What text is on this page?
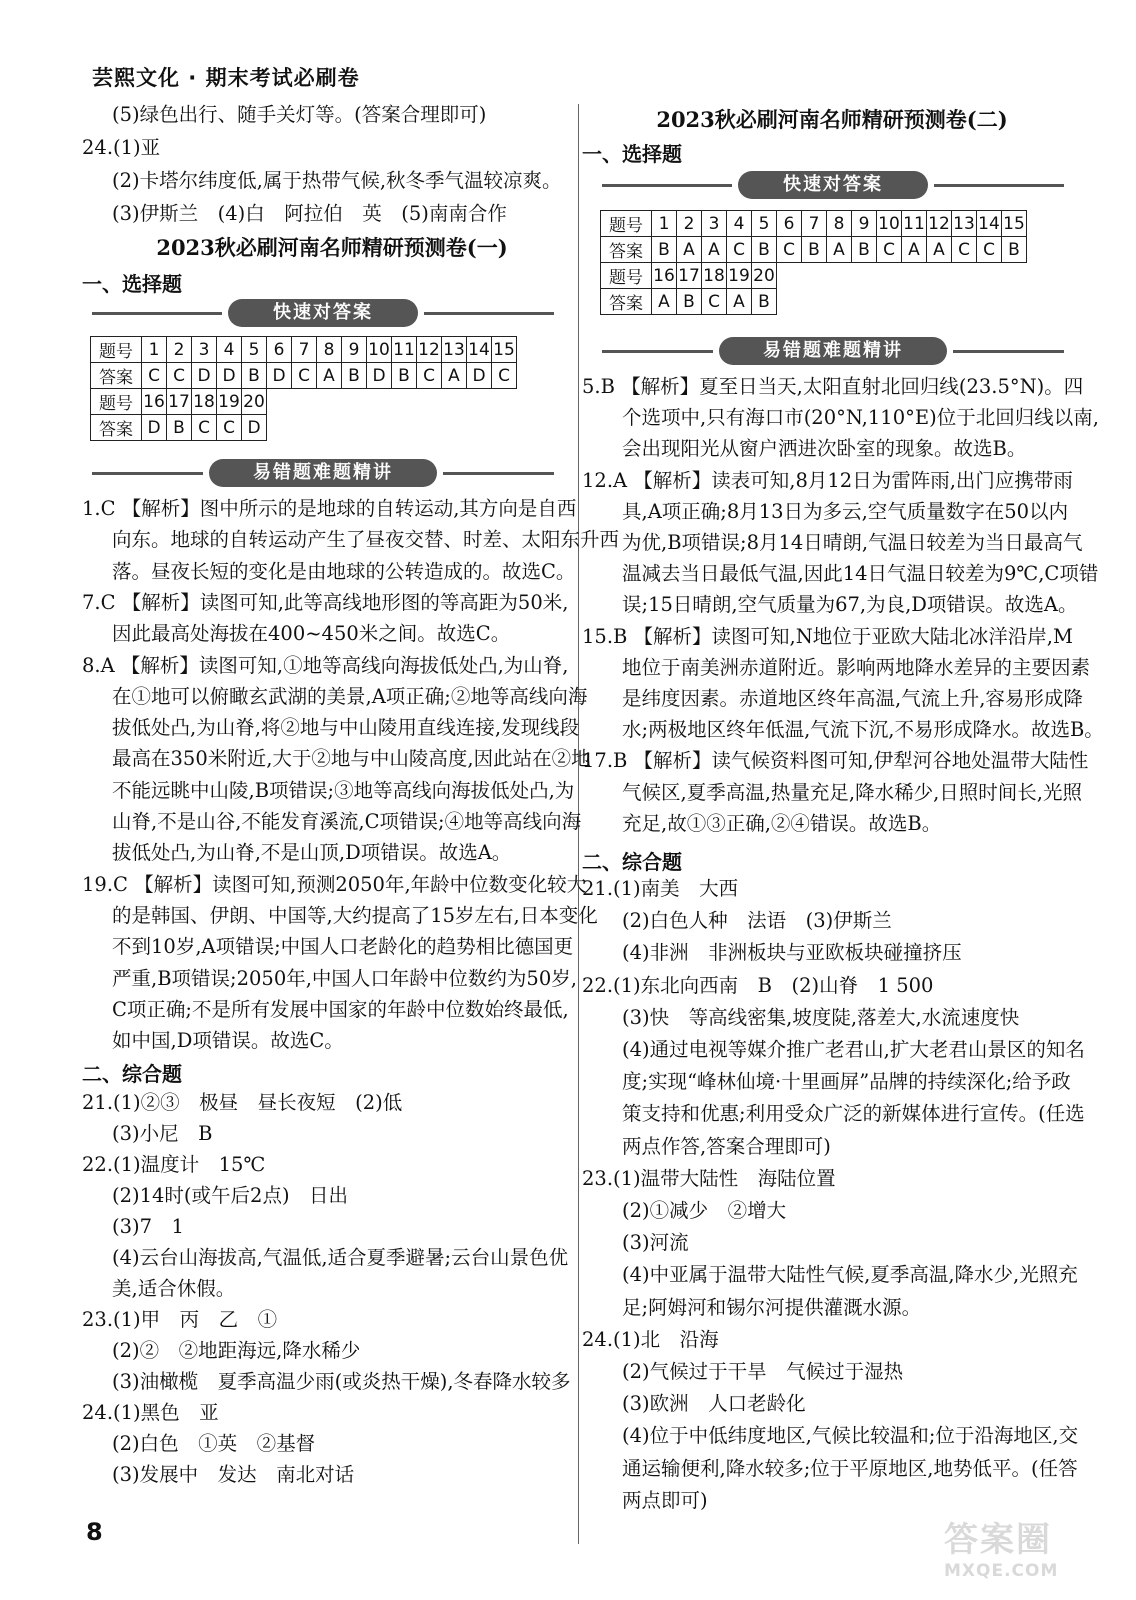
芸熙文化 · 期末考试必刷卷
(5)绿色出行、随手关灯等。(答案合理即可)
24.(1)亚
(2)卡塔尔纬度低,属于热带气候,秋冬季气温较凉爽。
(3)伊斯兰　(4)白　阿拉伯　英　(5)南南合作
2023秋必刷河南名师精研预测卷(一)
一、选择题
快速对答案
题号	1	2	3	4	5	6	7	8	9	10	11	12	13	14	15
答案	C	C	D	D	B	D	C	A	B	D	B	C	A	D	C
题号	16	17	18	19	20										
答案	D	B	C	C	D										
易错题难题精讲
1.C 【解析】图中所示的是地球的自转运动,其方向是自西
向东。地球的自转运动产生了昼夜交替、时差、太阳东升西
落。昼夜长短的变化是由地球的公转造成的。故选C。
7.C 【解析】读图可知,此等高线地形图的等高距为50米,
因此最高处海拔在400~450米之间。故选C。
8.A 【解析】读图可知,①地等高线向海拔低处凸,为山脊,
在①地可以俯瞰玄武湖的美景,A项正确;②地等高线向海
拔低处凸,为山脊,将②地与中山陵用直线连接,发现线段
最高在350米附近,大于②地与中山陵高度,因此站在②地
不能远眺中山陵,B项错误;③地等高线向海拔低处凸,为
山脊,不是山谷,不能发育溪流,C项错误;④地等高线向海
拔低处凸,为山脊,不是山顶,D项错误。故选A。
19.C 【解析】读图可知,预测2050年,年龄中位数变化较大
的是韩国、伊朗、中国等,大约提高了15岁左右,日本变化
不到10岁,A项错误;中国人口老龄化的趋势相比德国更
严重,B项错误;2050年,中国人口年龄中位数约为50岁,
C项正确;不是所有发展中国家的年龄中位数始终最低,
如中国,D项错误。故选C。
二、综合题
21.(1)②③　极昼　昼长夜短　(2)低
(3)小尼　B
22.(1)温度计　15℃
(2)14时(或午后2点)　日出
(3)7　1
(4)云台山海拔高,气温低,适合夏季避暑;云台山景色优
美,适合休假。
23.(1)甲　丙　乙　①
(2)②　②地距海远,降水稀少
(3)油橄榄　夏季高温少雨(或炎热干燥),冬春降水较多
24.(1)黑色　亚
(2)白色　①英　②基督
(3)发展中　发达　南北对话
2023秋必刷河南名师精研预测卷(二)
一、选择题
快速对答案
题号	1	2	3	4	5	6	7	8	9	10	11	12	13	14	15
答案	B	A	A	C	B	C	B	A	B	C	A	A	C	C	B
题号	16	17	18	19	20										
答案	A	B	C	A	B										
易错题难题精讲
5.B 【解析】夏至日当天,太阳直射北回归线(23.5°N)。四
个选项中,只有海口市(20°N,110°E)位于北回归线以南,
会出现阳光从窗户洒进次卧室的现象。故选B。
12.A 【解析】读表可知,8月12日为雷阵雨,出门应携带雨
具,A项正确;8月13日为多云,空气质量数字在50以内
为优,B项错误;8月14日晴朗,气温日较差为当日最高气
温减去当日最低气温,因此14日气温日较差为9℃,C项错
误;15日晴朗,空气质量为67,为良,D项错误。故选A。
15.B 【解析】读图可知,N地位于亚欧大陆北冰洋沿岸,M
地位于南美洲赤道附近。影响两地降水差异的主要因素
是纬度因素。赤道地区终年高温,气流上升,容易形成降
水;两极地区终年低温,气流下沉,不易形成降水。故选B。
17.B 【解析】读气候资料图可知,伊犁河谷地处温带大陆性
气候区,夏季高温,热量充足,降水稀少,日照时间长,光照
充足,故①③正确,②④错误。故选B。
二、综合题
21.(1)南美　大西
(2)白色人种　法语　(3)伊斯兰
(4)非洲　非洲板块与亚欧板块碰撞挤压
22.(1)东北向西南　B　(2)山脊　1 500
(3)快　等高线密集,坡度陡,落差大,水流速度快
(4)通过电视等媒介推广老君山,扩大老君山景区的知名
度;实现“峰林仙境·十里画屏”品牌的持续深化;给予政
策支持和优惠;利用受众广泛的新媒体进行宣传。(任选
两点作答,答案合理即可)
23.(1)温带大陆性　海陆位置
(2)①减少　②增大
(3)河流
(4)中亚属于温带大陆性气候,夏季高温,降水少,光照充
足;阿姆河和锡尔河提供灌溉水源。
24.(1)北　沿海
(2)气候过于干旱　气候过于湿热
(3)欧洲　人口老龄化
(4)位于中低纬度地区,气候比较温和;位于沿海地区,交
通运输便利,降水较多;位于平原地区,地势低平。(任答
两点即可)
8	答案圈
MXQE.COM
